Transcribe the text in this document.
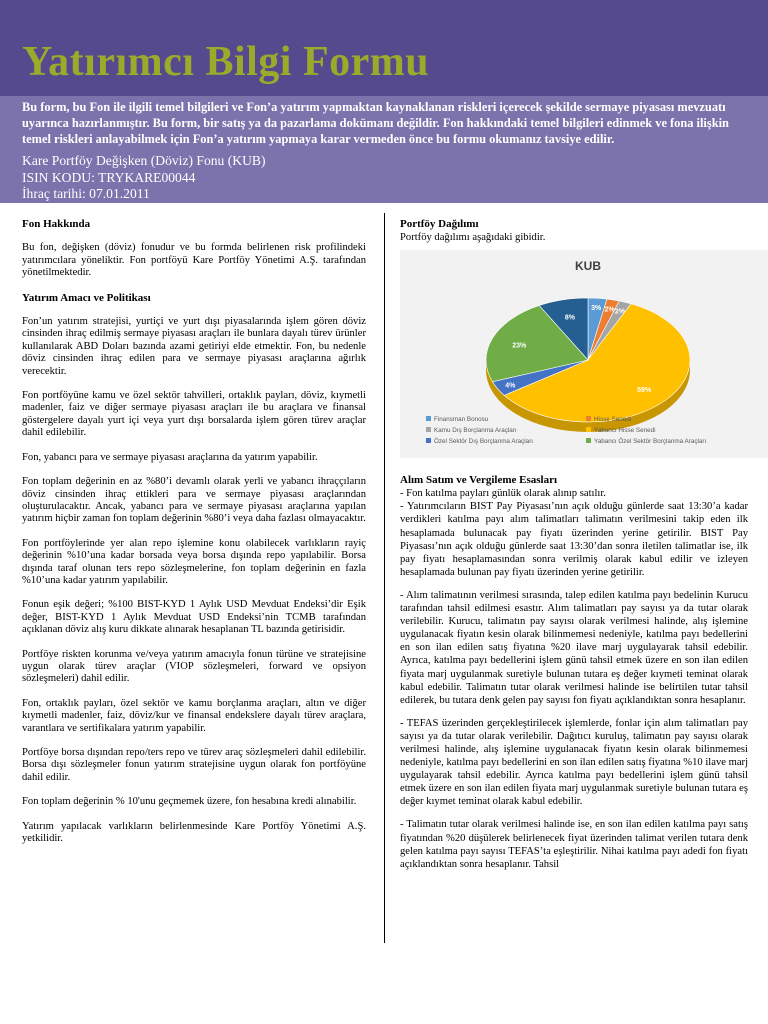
Yatırımcı Bilgi Formu
Bu form, bu Fon ile ilgili temel bilgileri ve Fon’a yatırım yapmaktan kaynaklanan riskleri içerecek şekilde sermaye piyasası mevzuatı uyarınca hazırlanmıştır. Bu form, bir satış ya da pazarlama dokümanı değildir. Fon hakkındaki temel bilgileri edinmek ve fona ilişkin temel riskleri anlayabilmek için Fon’a yatırım yapmaya karar vermeden önce bu formu okumanız tavsiye edilir.
Kare Portföy Değişken (Döviz) Fonu (KUB)
ISIN KODU: TRYKARE00044
İhraç tarihi: 07.01.2011
Fon Hakkında

Bu fon, değişken (döviz) fonudur ve bu formda belirlenen risk profilindeki yatırımcılara yöneliktir. Fon portföyü Kare Portföy Yönetimi A.Ş. tarafından yönetilmektedir.

Yatırım Amacı ve Politikası

Fon’un yatırım stratejisi, yurtiçi ve yurt dışı piyasalarında işlem gören döviz cinsinden ihraç edilmiş sermaye piyasası araçları ile bunlara dayalı türev ürünler kullanılarak ABD Doları bazında azami getiriyi elde etmektir. Fon, bu nedenle döviz cinsinden ihraç edilen para ve sermaye piyasası araçlarına ağırlık verecektir.

Fon portföyüne kamu ve özel sektör tahvilleri, ortaklık payları, döviz, kıymetli madenler, faiz ve diğer sermaye piyasası araçları ile bu araçlara ve finansal göstergelere dayalı yurt içi veya yurt dışı borsalarda işlem gören türev araçlar dahil edilebilir.

Fon, yabancı para ve sermaye piyasası araçlarına da yatırım yapabilir.

Fon toplam değerinin en az %80’i devamlı olarak yerli ve yabancı ihraççıların döviz cinsinden ihraç ettikleri para ve sermaye piyasası araçlarından oluşturulacaktır. Ancak, yabancı para ve sermaye piyasası araçlarına yapılan yatırım hiçbir zaman fon toplam değerinin %80’i veya daha fazlası olmayacaktır.

Fon portföylerinde yer alan repo işlemine konu olabilecek varlıkların rayiç değerinin %10’una kadar borsada veya borsa dışında repo yapılabilir. Borsa dışında taraf olunan ters repo sözleşmelerine, fon toplam değerinin en fazla %10’una kadar yatırım yapılabilir.

Fonun eşik değeri; %100 BIST-KYD 1 Aylık USD Mevduat Endeksi’dir Eşik değer, BIST-KYD 1 Aylık Mevduat USD Endeksi’nin TCMB tarafından açıklanan döviz alış kuru dikkate alınarak hesaplanan TL bazında getirisidir.

Portföye riskten korunma ve/veya yatırım amacıyla fonun türüne ve stratejisine uygun olarak türev araçlar (VIOP sözleşmeleri, forward ve opsiyon sözleşmeleri) dahil edilir.

Fon, ortaklık payları, özel sektör ve kamu borçlanma araçları, altın ve diğer kıymetli madenler, faiz, döviz/kur ve finansal endekslere dayalı türev araçlara, varantlara ve sertifikalara yatırım yapabilir.

Portföye borsa dışından repo/ters repo ve türev araç sözleşmeleri dahil edilebilir. Borsa dışı sözleşmeler fonun yatırım stratejisine uygun olarak fon portföyüne dahil edilir.

Fon toplam değerinin % 10'unu geçmemek üzere, fon hesabına kredi alınabilir.

Yatırım yapılacak varlıkların belirlenmesinde Kare Portföy Yönetimi A.Ş. yetkilidir.

Portföy Dağılımı
Portföy dağılımı aşağıdaki gibidir.
KUB
3% 2% 2%
59%
4%
23%
8%
Finansman Bonosu	Hisse Senedi
Kamu Dış Borçlanma Araçları	Yabancı Hisse Senedi
Özel Sektör Dış Borçlanma Araçları	Yabancı Özel Sektör Borçlanma Araçları
Alım Satım ve Vergileme Esasları

- Fon katılma payları günlük olarak alınıp satılır.

- Yatırımcıların BIST Pay Piyasası’nın açık olduğu günlerde saat 13:30’a kadar verdikleri katılma payı alım talimatları talimatın verilmesini takip eden ilk hesaplamada bulunacak pay fiyatı üzerinden yerine getirilir. BIST Pay Piyasası’nın açık olduğu günlerde saat 13:30’dan sonra iletilen talimatlar ise, ilk pay fiyatı hesaplamasından sonra verilmiş olarak kabul edilir ve izleyen hesaplamada bulunan pay fiyatı üzerinden yerine getirilir.

- Alım talimatının verilmesi sırasında, talep edilen katılma payı bedelinin Kurucu tarafından tahsil edilmesi esastır. Alım talimatları pay sayısı ya da tutar olarak verilebilir. Kurucu, talimatın pay sayısı olarak verilmesi halinde, alış işlemine uygulanacak fiyatın kesin olarak bilinmemesi nedeniyle, katılma payı bedellerini en son ilan edilen satış fiyatına %20 ilave marj uygulayarak tahsil edebilir. Ayrıca, katılma payı bedellerini işlem günü tahsil etmek üzere en son ilan edilen fiyata marj uygulanmak suretiyle bulunan tutara eş değer kıymeti teminat olarak kabul edebilir. Talimatın tutar olarak verilmesi halinde ise belirtilen tutar tahsil edilerek, bu tutara denk gelen pay sayısı fon fiyatı açıklandıktan sonra hesaplanır.

- TEFAS üzerinden gerçekleştirilecek işlemlerde, fonlar için alım talimatları pay sayısı ya da tutar olarak verilebilir. Dağıtıcı kuruluş, talimatın pay sayısı olarak verilmesi halinde, alış işlemine uygulanacak fiyatın kesin olarak bilinmemesi nedeniyle, katılma payı bedellerini en son ilan edilen satış fiyatına %10 ilave marj uygulayarak tahsil edebilir. Ayrıca katılma payı bedellerini işlem günü tahsil etmek üzere en son ilan edilen fiyata marj uygulanmak suretiyle bulunan tutara eş değer kıymet teminat olarak kabul edebilir.

- Talimatın tutar olarak verilmesi halinde ise, en son ilan edilen katılma payı satış fiyatından %20 düşülerek belirlenecek fiyat üzerinden talimat verilen tutara denk gelen katılma payı sayısı TEFAS’ta eşleştirilir. Nihai katılma payı adedi fon fiyatı açıklandıktan sonra hesaplanır. Tahsil
